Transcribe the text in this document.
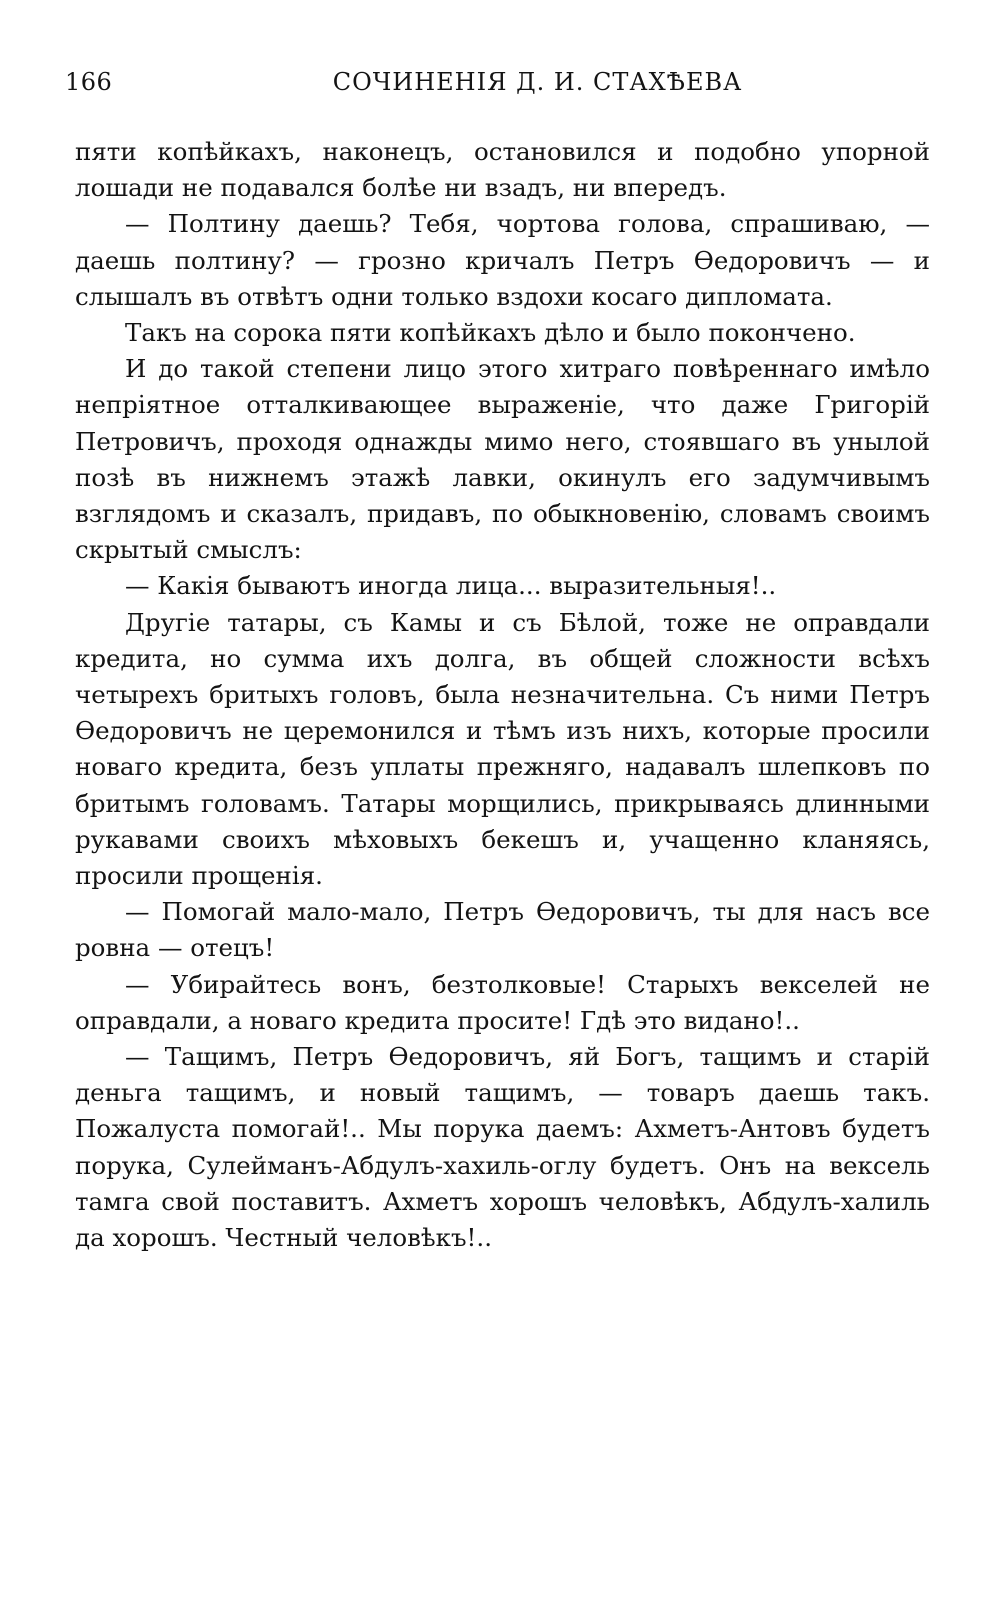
166	СОЧИНЕНIЯ Д. И. СТАХѢЕВА

пяти копѣйкахъ, наконецъ, остановился и подобно упорной лошади не подавался болѣе ни взадъ, ни впередъ.

— Полтину даешь? Тебя, чортова голова, спрашиваю, — даешь полтину? — грозно кричалъ Петръ Ѳедоровичъ — и слышалъ въ отвѣтъ одни только вздохи косаго дипломата.

Такъ на сорока пяти копѣйкахъ дѣло и было покончено.

И до такой степени лицо этого хитраго повѣреннаго имѣло непрiятное отталкивающее выраженiе, что даже Григорiй Петровичъ, проходя однажды мимо него, стоявшаго въ унылой позѣ въ нижнемъ этажѣ лавки, окинулъ его задумчивымъ взглядомъ и сказалъ, придавъ, по обыкновенiю, словамъ своимъ скрытый смыслъ:

— Какiя бываютъ иногда лица... выразительныя!..

Другiе татары, съ Камы и съ Бѣлой, тоже не оправдали кредита, но сумма ихъ долга, въ общей сложности всѣхъ четырехъ бритыхъ головъ, была незначительна. Съ ними Петръ Ѳедоровичъ не церемонился и тѣмъ изъ нихъ, которые просили новаго кредита, безъ уплаты прежняго, надавалъ шлепковъ по бритымъ головамъ. Татары морщились, прикрываясь длинными рукавами своихъ мѣховыхъ бекешъ и, учащенно кланяясь, просили прощенiя.

— Помогай мало-мало, Петръ Ѳедоровичъ, ты для насъ все ровна — отецъ!

— Убирайтесь вонъ, безтолковые! Старыхъ векселей не оправдали, а новаго кредита просите! Гдѣ это видано!..

— Тащимъ, Петръ Ѳедоровичъ, яй Богъ, тащимъ и старiй деньга тащимъ, и новый тащимъ, — товаръ даешь такъ. Пожалуста помогай!.. Мы порука даемъ: Ахметъ-Антовъ будетъ порука, Сулейманъ-Абдулъ-хахиль-оглу будетъ. Онъ на вексель тамга свой поставитъ. Ахметъ хорошъ человѣкъ, Абдулъ-халиль да хорошъ. Честный человѣкъ!..
